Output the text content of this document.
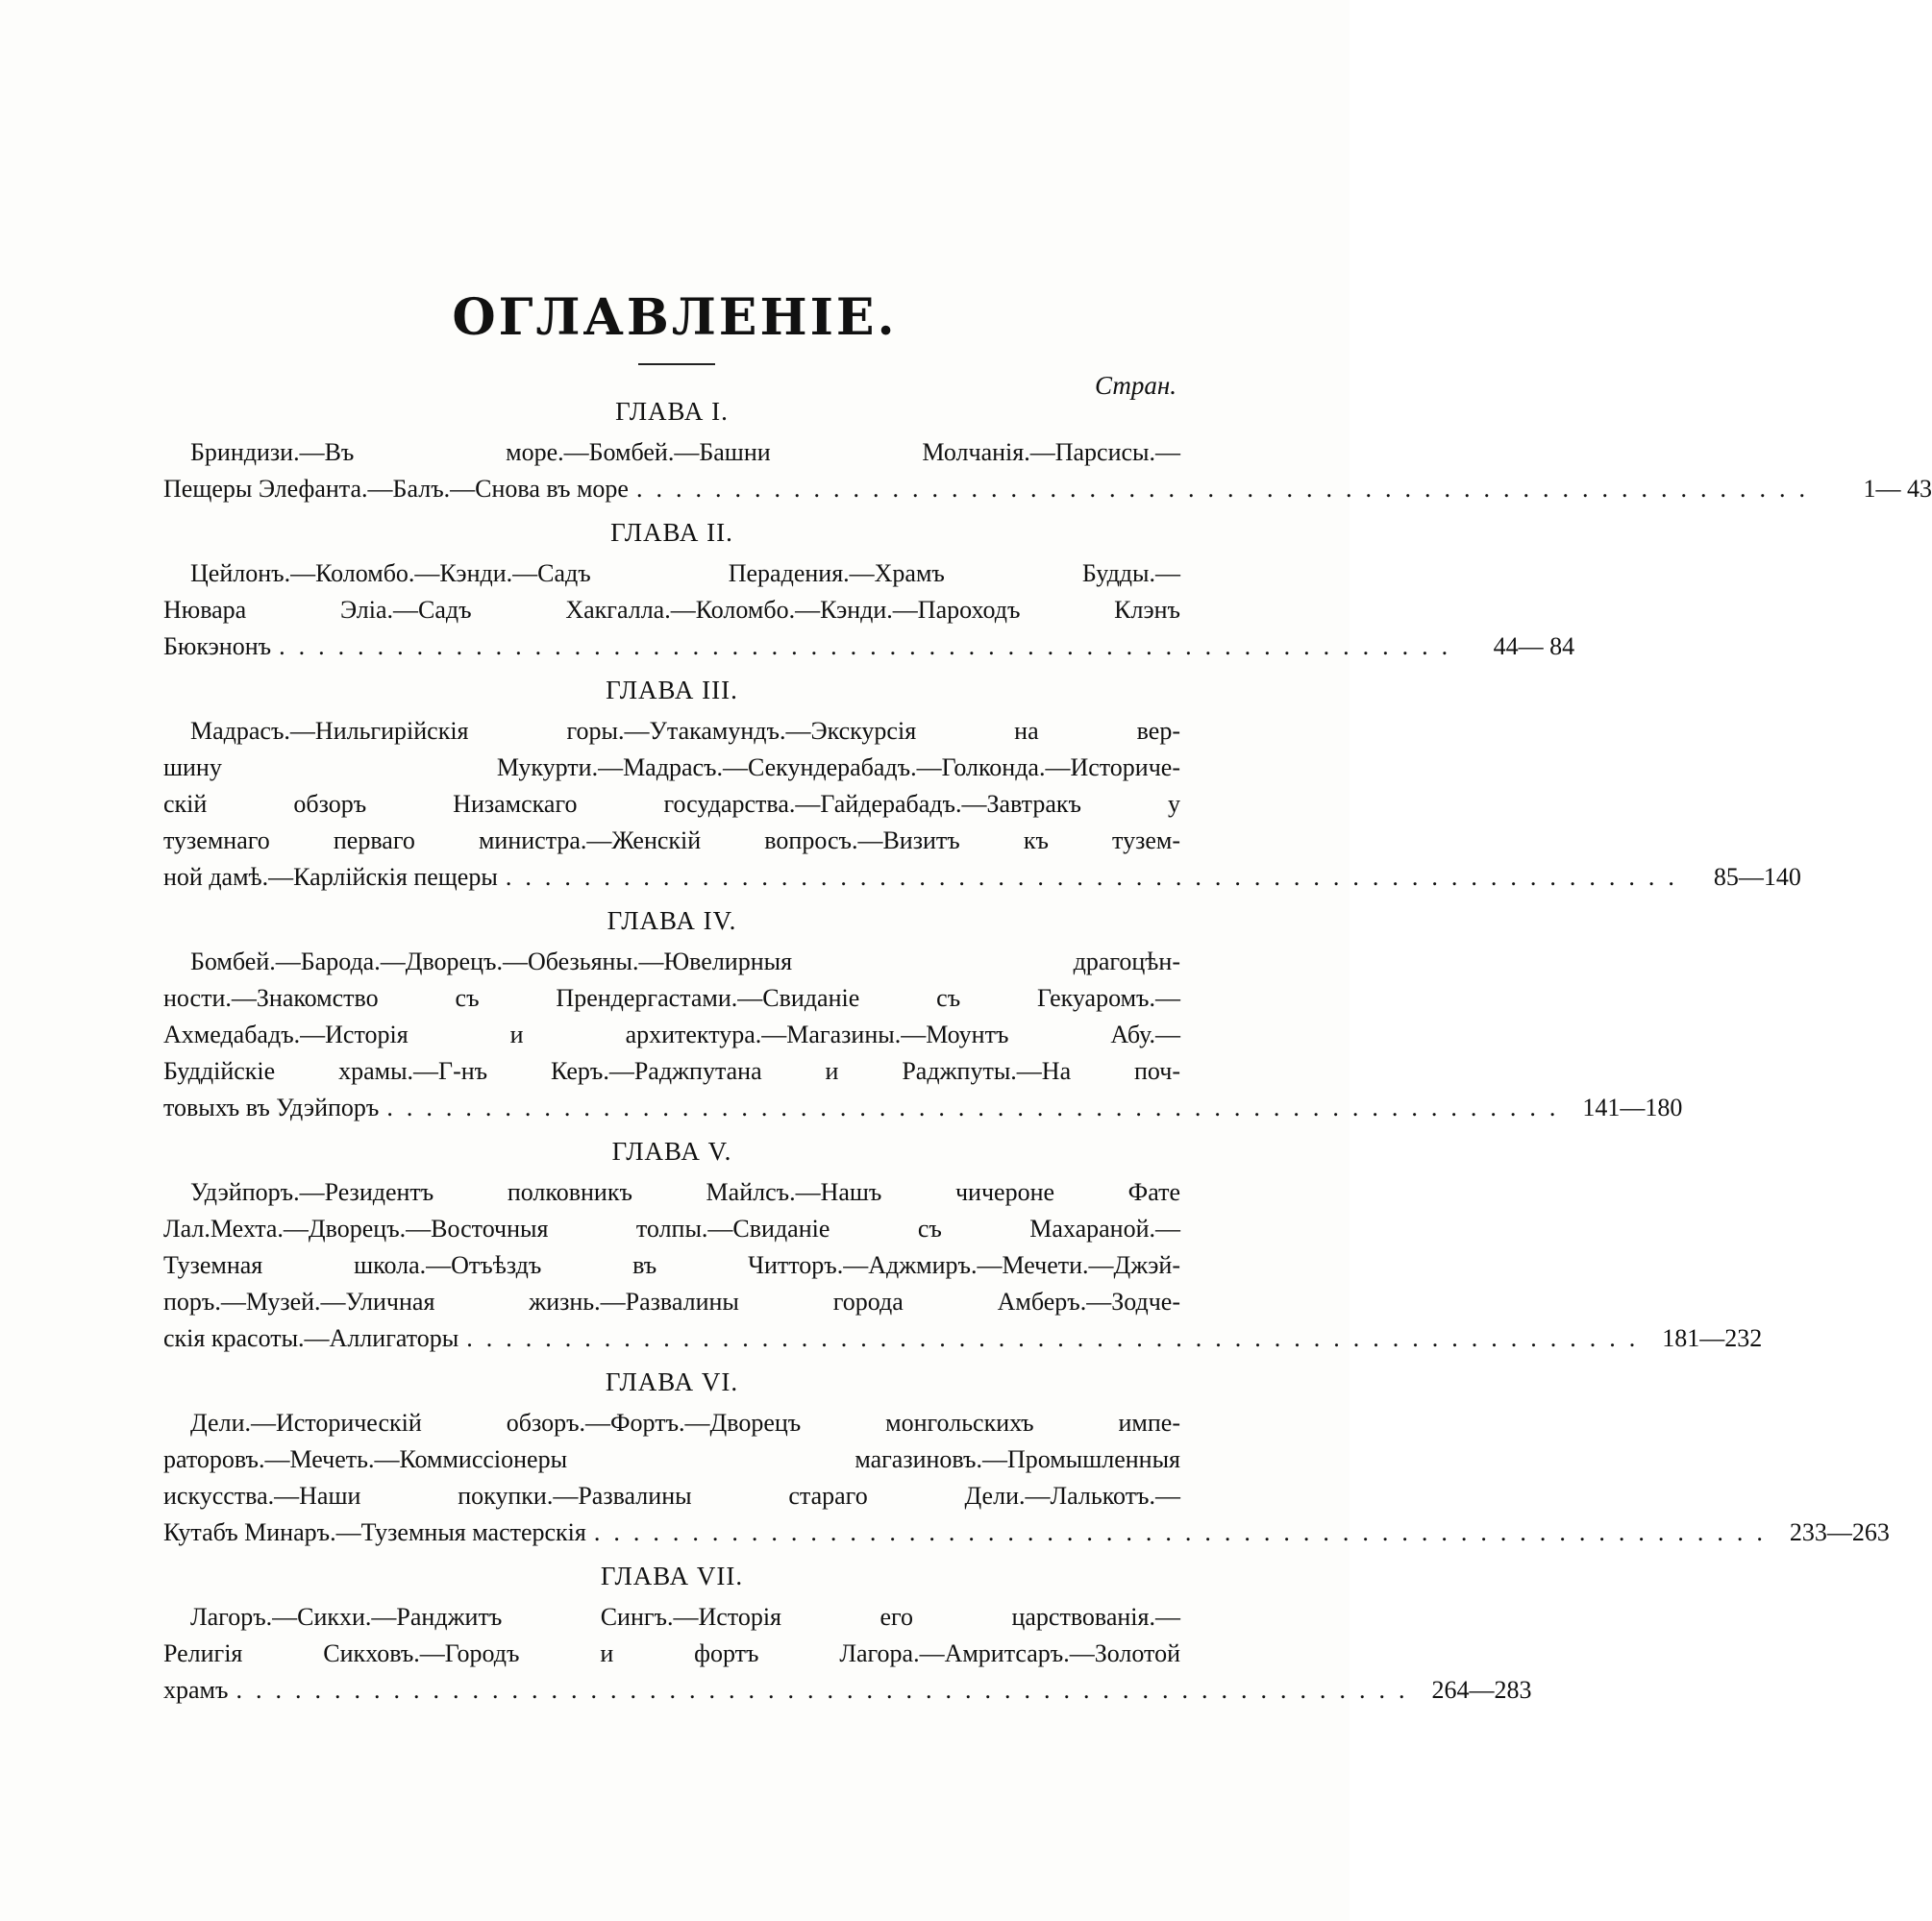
ОГЛАВЛЕНІЕ.
Стран.
ГЛАВА I.
Бриндизи.—Въ море.—Бомбей.—Башни Молчанія.—Парсисы.—
Пещеры Элефанта.—Балъ.—Снова въ море ............................................................	1— 43
ГЛАВА II.
Цейлонъ.—Коломбо.—Кэнди.—Садъ Перадения.—Храмъ Будды.—
Нювара Эліа.—Садъ Хакгалла.—Коломбо.—Кэнди.—Пароходъ Клэнъ
Бюкэнонъ ............................................................	44— 84
ГЛАВА III.
Мадрасъ.—Нильгирійскія горы.—Утакамундъ.—Экскурсія на вер-
шину Мукурти.—Мадрасъ.—Секундерабадъ.—Голконда.—Историче-
скій обзоръ Низамскаго государства.—Гайдерабадъ.—Завтракъ у
туземнаго перваго министра.—Женскій вопросъ.—Визитъ къ тузем-
ной дамѣ.—Карлійскія пещеры ............................................................	85—140
ГЛАВА IV.
Бомбей.—Барода.—Дворецъ.—Обезьяны.—Ювелирныя драгоцѣн-
ности.—Знакомство съ Прендергастами.—Свиданіе съ Гекуаромъ.—
Ахмедабадъ.—Исторія и архитектура.—Магазины.—Моунтъ Абу.—
Буддійскіе храмы.—Г-нъ Керъ.—Раджпутана и Раджпуты.—На поч-
товыхъ въ Удэйпоръ ............................................................ 141—180
ГЛАВА V.
Удэйпоръ.—Резидентъ полковникъ Майлсъ.—Нашъ чичероне Фате
Лал.Мехта.—Дворецъ.—Восточныя толпы.—Свиданіе съ Махараной.—
Туземная школа.—Отъѣздъ въ Читторъ.—Аджмиръ.—Мечети.—Джэй-
поръ.—Музей.—Уличная жизнь.—Развалины города Амберъ.—Зодче-
скія красоты.—Аллигаторы ............................................................ 181—232
ГЛАВА VI.
Дели.—Историческій обзоръ.—Фортъ.—Дворецъ монгольскихъ импе-
раторовъ.—Мечеть.—Коммиссіонеры магазиновъ.—Промышленныя
искусства.—Наши покупки.—Развалины стараго Дели.—Лалькотъ.—
Кутабъ Минаръ.—Туземныя мастерскія ............................................................ 233—263
ГЛАВА VII.
Лагоръ.—Сикхи.—Ранджитъ Сингъ.—Исторія его царствованія.—
Религія Сикховъ.—Городъ и фортъ Лагора.—Амритсаръ.—Золотой
храмъ ............................................................ 264—283
